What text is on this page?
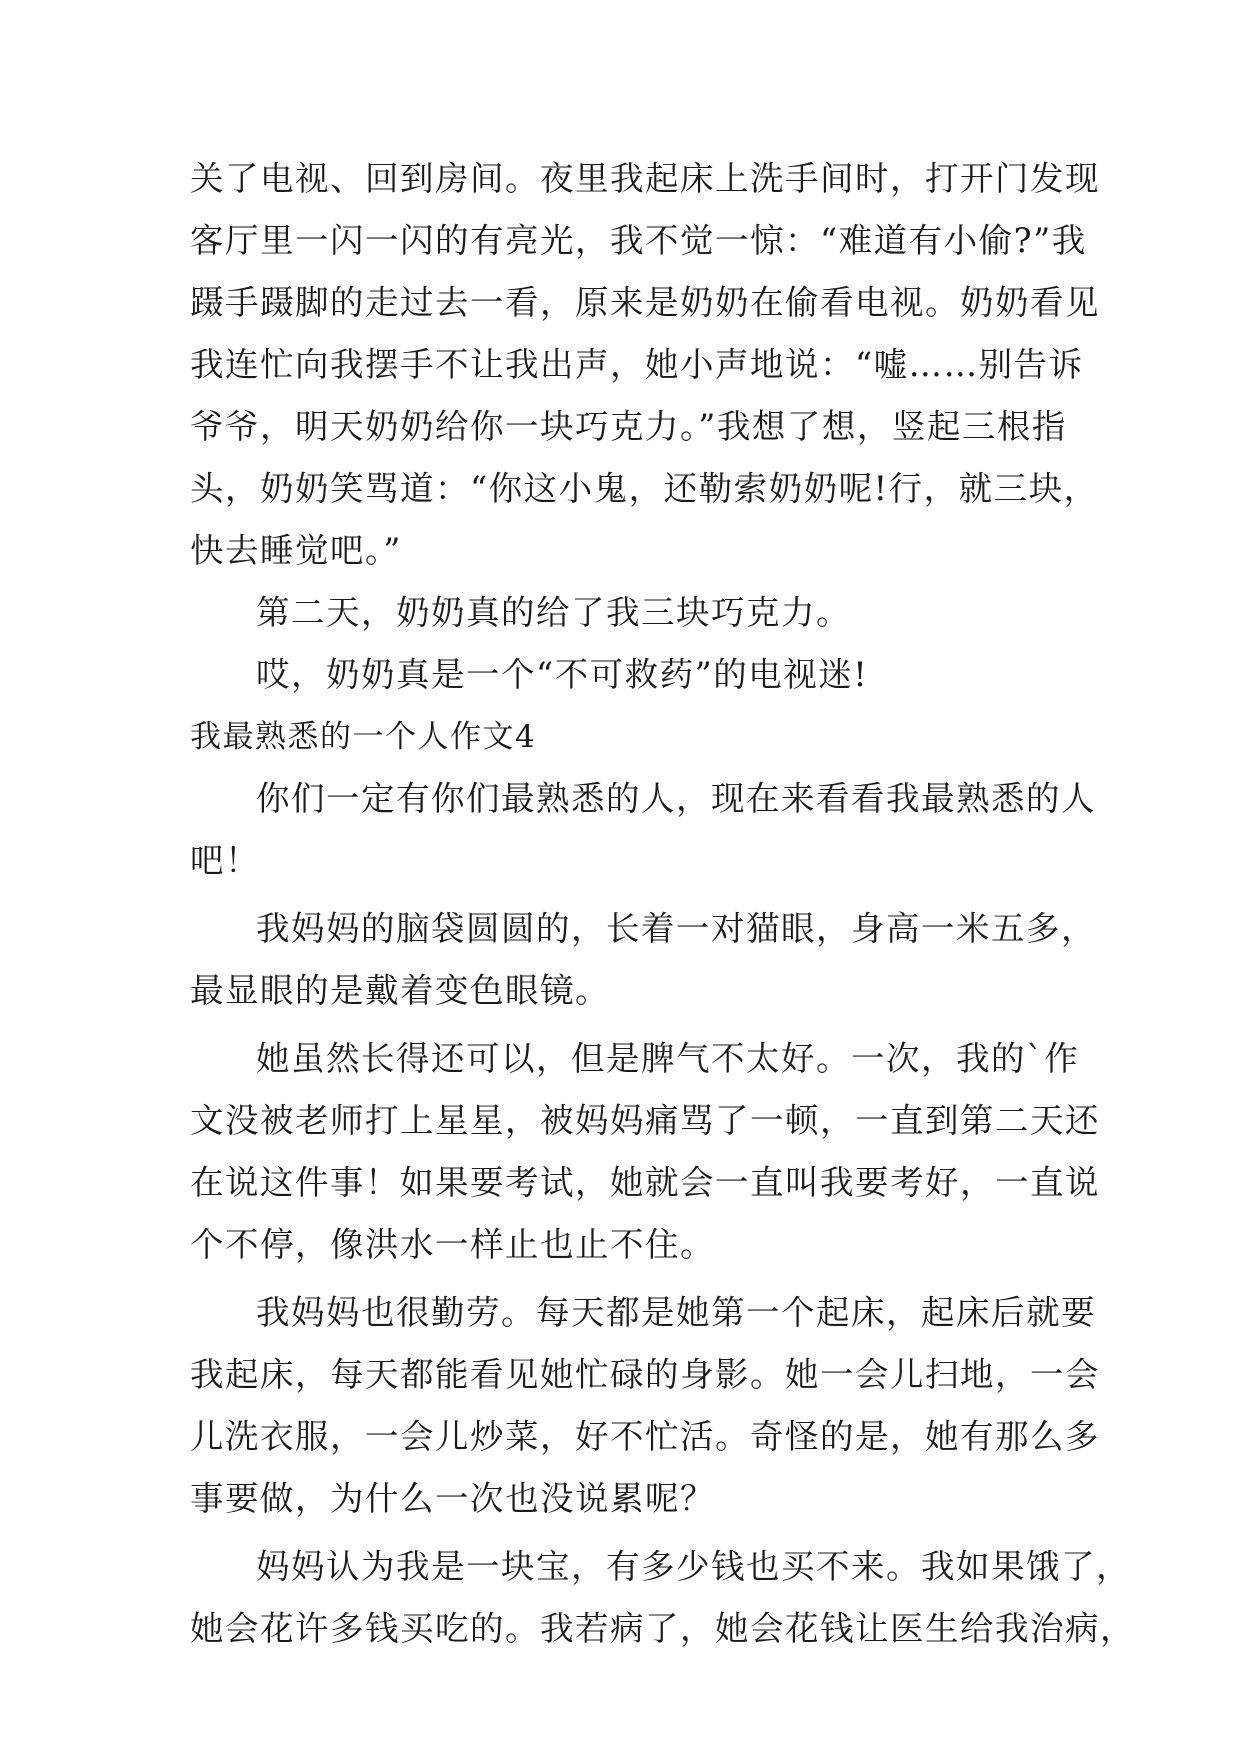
关了电视、回到房间。夜里我起床上洗手间时，打开门发现
客厅里一闪一闪的有亮光，我不觉一惊：“难道有小偷?”我
蹑手蹑脚的走过去一看，原来是奶奶在偷看电视。奶奶看见
我连忙向我摆手不让我出声，她小声地说：“嘘……别告诉
爷爷，明天奶奶给你一块巧克力。”我想了想，竖起三根指
头，奶奶笑骂道：“你这小鬼，还勒索奶奶呢!行，就三块，
快去睡觉吧。”
第二天，奶奶真的给了我三块巧克力。
哎，奶奶真是一个“不可救药”的电视迷!
我最熟悉的一个人作文4
你们一定有你们最熟悉的人，现在来看看我最熟悉的人
吧！
我妈妈的脑袋圆圆的，长着一对猫眼，身高一米五多，
最显眼的是戴着变色眼镜。
她虽然长得还可以，但是脾气不太好。一次，我的`作
文没被老师打上星星，被妈妈痛骂了一顿，一直到第二天还
在说这件事！如果要考试，她就会一直叫我要考好，一直说
个不停，像洪水一样止也止不住。
我妈妈也很勤劳。每天都是她第一个起床，起床后就要
我起床，每天都能看见她忙碌的身影。她一会儿扫地，一会
儿洗衣服，一会儿炒菜，好不忙活。奇怪的是，她有那么多
事要做，为什么一次也没说累呢？
妈妈认为我是一块宝，有多少钱也买不来。我如果饿了，
她会花许多钱买吃的。我若病了，她会花钱让医生给我治病，
